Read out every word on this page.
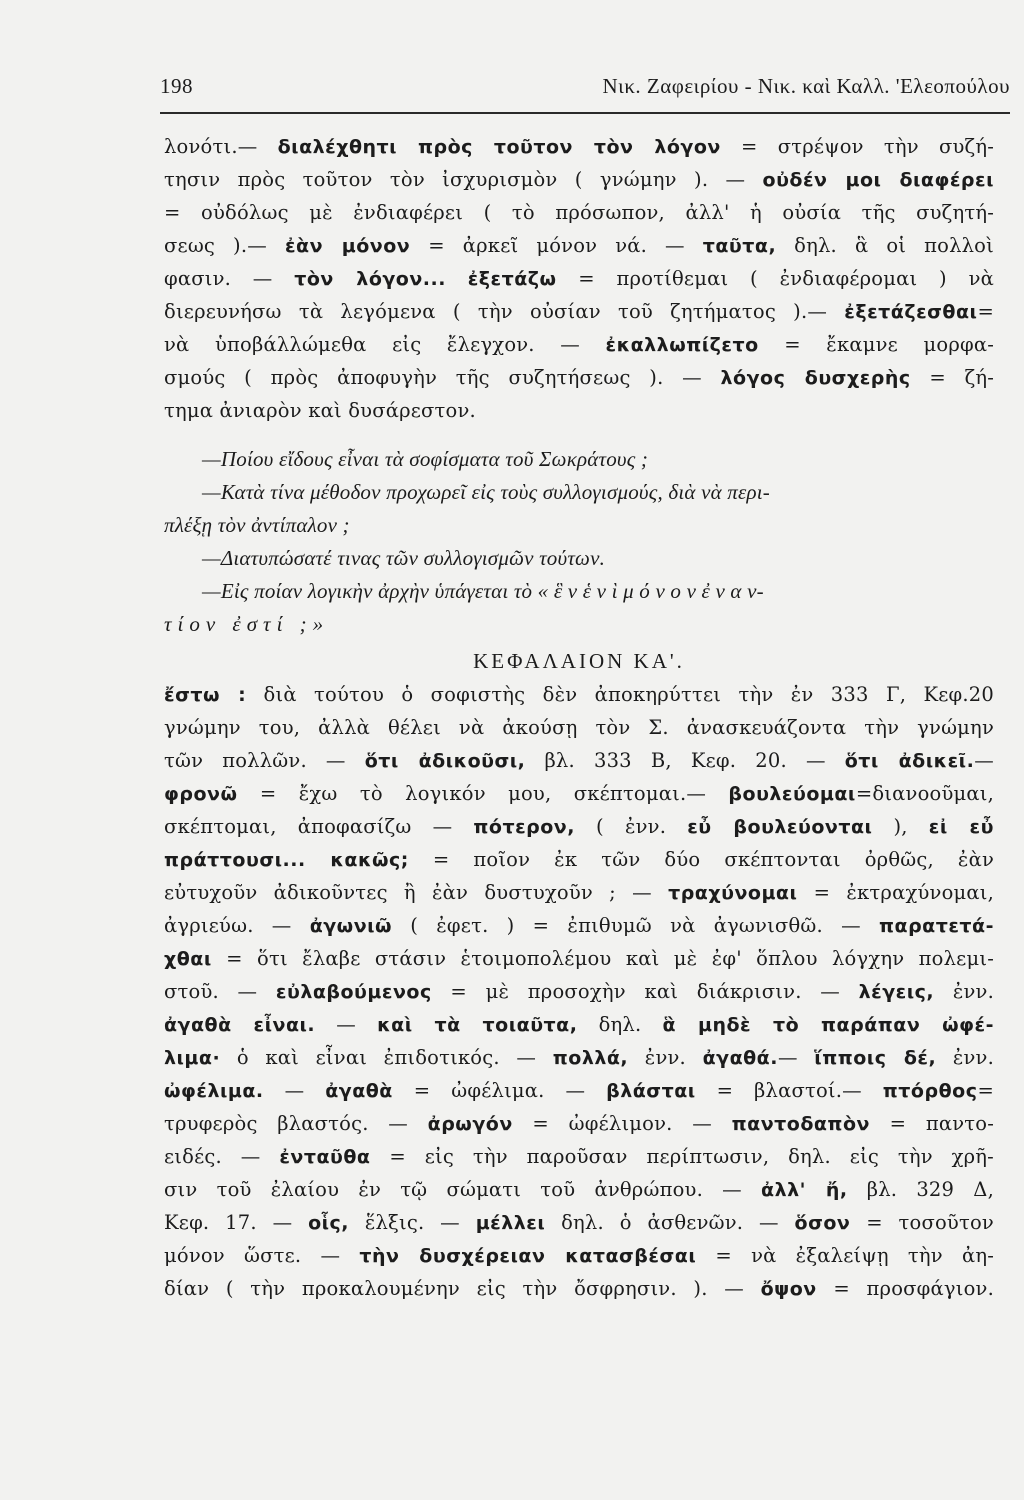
198	Νικ. Ζαφειρίου - Νικ. καὶ Καλλ. 'Ελεοπούλου
λονότι.— διαλέχθητι πρὸς τοῦτον τὸν λόγον = στρέψον τὴν συζή-
τησιν πρὸς τοῦτον τὸν ἰσχυρισμὸν ( γνώμην ). — οὐδέν μοι διαφέρει
= οὐδόλως μὲ ἐνδιαφέρει ( τὸ πρόσωπον, ἀλλ' ἡ οὐσία τῆς συζητή-
σεως ).— ἐὰν μόνον = ἀρκεῖ μόνον νά. — ταῦτα, δηλ. ἃ οἱ πολλοὶ
φασιν. — τὸν λόγον... ἐξετάζω = προτίθεμαι ( ἐνδιαφέρομαι ) νὰ
διερευνήσω τὰ λεγόμενα ( τὴν οὐσίαν τοῦ ζητήματος ).— ἐξετάζεσθαι=
νὰ ὑποβάλλώμεθα εἰς ἔλεγχον. — ἐκαλλωπίζετο = ἔκαμνε μορφα-
σμούς ( πρὸς ἀποφυγὴν τῆς συζητήσεως ). — λόγος δυσχερὴς = ζή-
τημα ἀνιαρὸν καὶ δυσάρεστον.
—Ποίου εἴδους εἶναι τὰ σοφίσματα τοῦ Σωκράτους ;
—Κατὰ τίνα μέθοδον προχωρεῖ εἰς τοὺς συλλογισμούς, διὰ νὰ περι-
πλέξῃ τὸν ἀντίπαλον ;
—Διατυπώσατέ τινας τῶν συλλογισμῶν τούτων.
—Εἰς ποίαν λογικὴν ἀρχὴν ὑπάγεται τὸ « ἓ ν ἑ ν ὶ μ ό ν ο ν ἐ ν α ν-
τίον ἐστί ;»
ΚΕΦΑΛΑΙΟΝ ΚΑ'.
ἔστω : διὰ τούτου ὁ σοφιστὴς δὲν ἀποκηρύττει τὴν ἐν 333 Γ, Κεφ.20
γνώμην του, ἀλλὰ θέλει νὰ ἀκούσῃ τὸν Σ. ἀνασκευάζοντα τὴν γνώμην
τῶν πολλῶν. — ὅτι ἀδικοῦσι, βλ. 333 Β, Κεφ. 20. — ὅτι ἀδικεῖ.—
φρονῶ = ἔχω τὸ λογικόν μου, σκέπτομαι.— βουλεύομαι=διανοοῦμαι,
σκέπτομαι, ἀποφασίζω — πότερον, ( ἐνν. εὖ βουλεύονται ), εἰ εὖ
πράττουσι... κακῶς; = ποῖον ἐκ τῶν δύο σκέπτονται ὀρθῶς, ἐὰν
εὐτυχοῦν ἀδικοῦντες ἢ ἐὰν δυστυχοῦν ; — τραχύνομαι = ἐκτραχύνομαι,
ἀγριεύω. — ἀγωνιῶ ( ἐφετ. ) = ἐπιθυμῶ νὰ ἀγωνισθῶ. — παρατετά-
χθαι = ὅτι ἔλαβε στάσιν ἑτοιμοπολέμου καὶ μὲ ἐφ' ὅπλου λόγχην πολεμι-
στοῦ. — εὐλαβούμενος = μὲ προσοχὴν καὶ διάκρισιν. — λέγεις, ἐνν.
ἀγαθὰ εἶναι. — καὶ τὰ τοιαῦτα, δηλ. ἃ μηδὲ τὸ παράπαν ὠφέ-
λιμα· ὁ καὶ εἶναι ἐπιδοτικός. — πολλά, ἐνν. ἀγαθά.— ἵπποις δέ, ἐνν.
ὠφέλιμα. — ἀγαθὰ = ὠφέλιμα. — βλάσται = βλαστοί.— πτόρθος=
τρυφερὸς βλαστός. — ἀρωγόν = ὠφέλιμον. — παντοδαπὸν = παντο-
ειδές. — ἐνταῦθα = εἰς τὴν παροῦσαν περίπτωσιν, δηλ. εἰς τὴν χρῆ-
σιν τοῦ ἐλαίου ἐν τῷ σώματι τοῦ ἀνθρώπου. — ἀλλ' ἤ, βλ. 329 Δ,
Κεφ. 17. — οἷς, ἕλξις. — μέλλει δηλ. ὁ ἀσθενῶν. — ὅσον = τοσοῦτον
μόνον ὥστε. — τὴν δυσχέρειαν κατασβέσαι = νὰ ἐξαλείψῃ τὴν ἀη-
δίαν ( τὴν προκαλουμένην εἰς τὴν ὄσφρησιν. ). — ὄψον = προσφάγιον.
